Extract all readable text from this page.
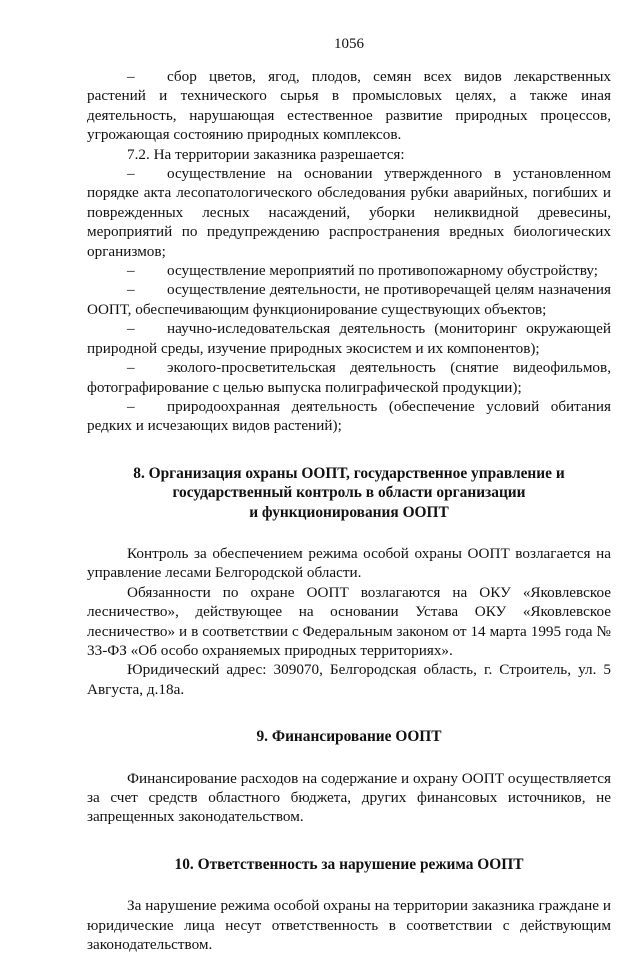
1056

– сбор цветов, ягод, плодов, семян всех видов лекарственных растений и технического сырья в промысловых целях, а также иная деятельность, нарушающая естественное развитие природных процессов, угрожающая состоянию природных комплексов.

7.2. На территории заказника разрешается:

– осуществление на основании утвержденного в установленном порядке акта лесопатологического обследования рубки аварийных, погибших и поврежденных лесных насаждений, уборки неликвидной древесины, мероприятий по предупреждению распространения вредных биологических организмов;

– осуществление мероприятий по противопожарному обустройству;

– осуществление деятельности, не противоречащей целям назначения ООПТ, обеспечивающим функционирование существующих объектов;

– научно-иследовательская деятельность (мониторинг окружающей природной среды, изучение природных экосистем и их компонентов);

– эколого-просветительская деятельность (снятие видеофильмов, фотографирование с целью выпуска полиграфической продукции);

– природоохранная деятельность (обеспечение условий обитания редких и исчезающих видов растений);

8. Организация охраны ООПТ, государственное управление и
государственный контроль в области организации
и функционирования ООПТ

Контроль за обеспечением режима особой охраны ООПТ возлагается на управление лесами Белгородской области.

Обязанности по охране ООПТ возлагаются на ОКУ «Яковлевское лесничество», действующее на основании Устава ОКУ «Яковлевское лесничество» и в соответствии с Федеральным законом от 14 марта 1995 года № 33-ФЗ «Об особо охраняемых природных территориях».

Юридический адрес: 309070, Белгородская область, г. Строитель, ул. 5 Августа, д.18а.

9. Финансирование ООПТ

Финансирование расходов на содержание и охрану ООПТ осуществляется за счет средств областного бюджета, других финансовых источников, не запрещенных законодательством.

10. Ответственность за нарушение режима ООПТ

За нарушение режима особой охраны на территории заказника граждане и юридические лица несут ответственность в соответствии с действующим законодательством.
